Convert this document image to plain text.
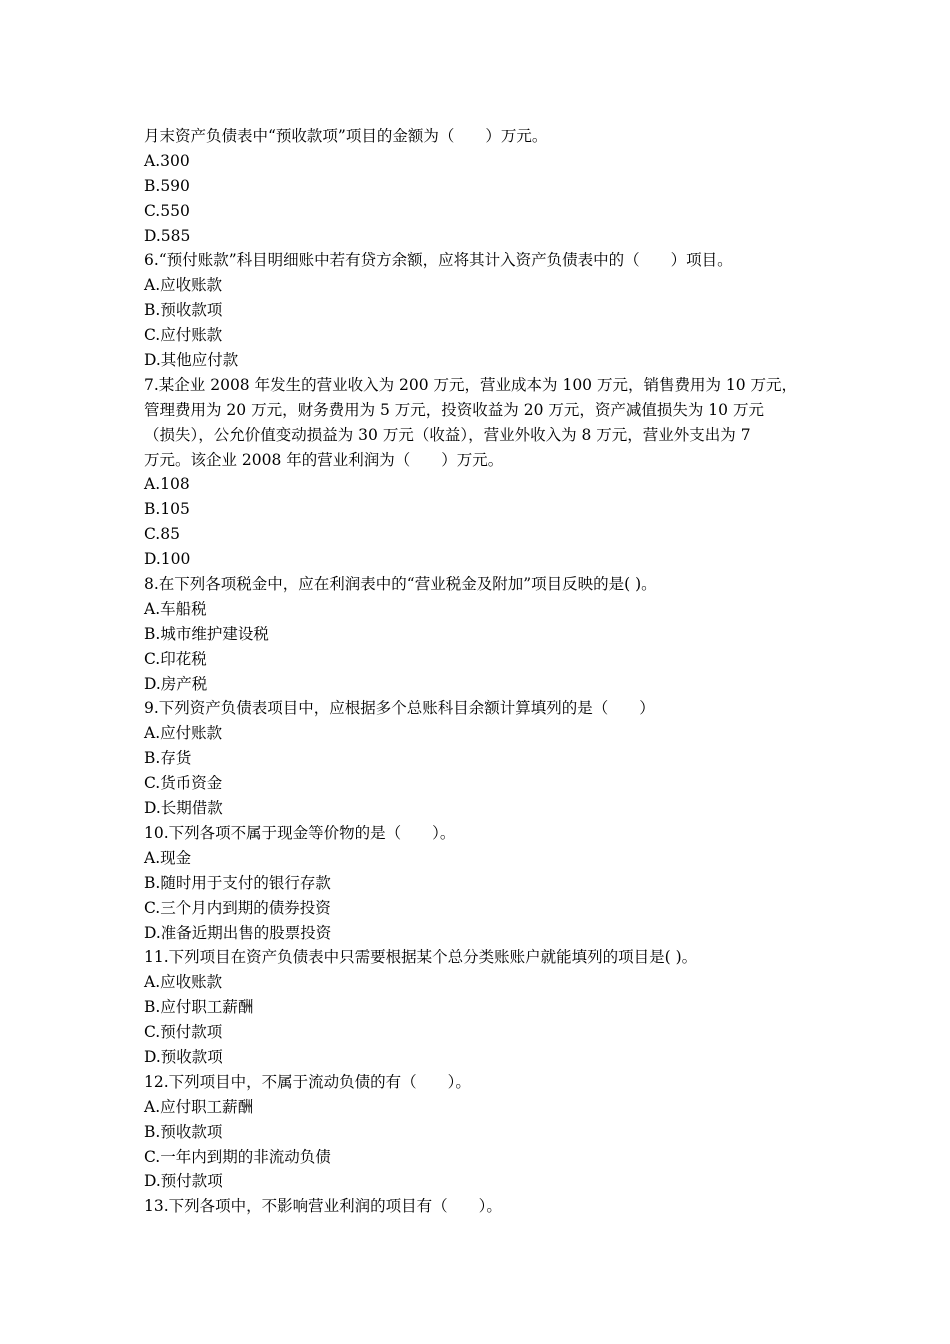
月末资产负债表中“预收款项”项目的金额为（　　）万元。
A.300
B.590
C.550
D.585
6.“预付账款”科目明细账中若有贷方余额，应将其计入资产负债表中的（　　）项目。
A.应收账款
B.预收款项
C.应付账款
D.其他应付款
7.某企业 2008 年发生的营业收入为 200 万元，营业成本为 100 万元，销售费用为 10 万元，
管理费用为 20 万元，财务费用为 5 万元，投资收益为 20 万元，资产减值损失为 10 万元
（损失），公允价值变动损益为 30 万元（收益），营业外收入为 8 万元，营业外支出为 7
万元。该企业 2008 年的营业利润为（　　）万元。
A.108
B.105
C.85
D.100
8.在下列各项税金中，应在利润表中的“营业税金及附加”项目反映的是( )。
A.车船税
B.城市维护建设税
C.印花税
D.房产税
9.下列资产负债表项目中，应根据多个总账科目余额计算填列的是（　　）
A.应付账款
B.存货
C.货币资金
D.长期借款
10.下列各项不属于现金等价物的是（　　）。
A.现金
B.随时用于支付的银行存款
C.三个月内到期的债券投资
D.准备近期出售的股票投资
11.下列项目在资产负债表中只需要根据某个总分类账账户就能填列的项目是( )。
A.应收账款
B.应付职工薪酬
C.预付款项
D.预收款项
12.下列项目中，不属于流动负债的有（　　）。
A.应付职工薪酬
B.预收款项
C.一年内到期的非流动负债
D.预付款项
13.下列各项中，不影响营业利润的项目有（　　）。
